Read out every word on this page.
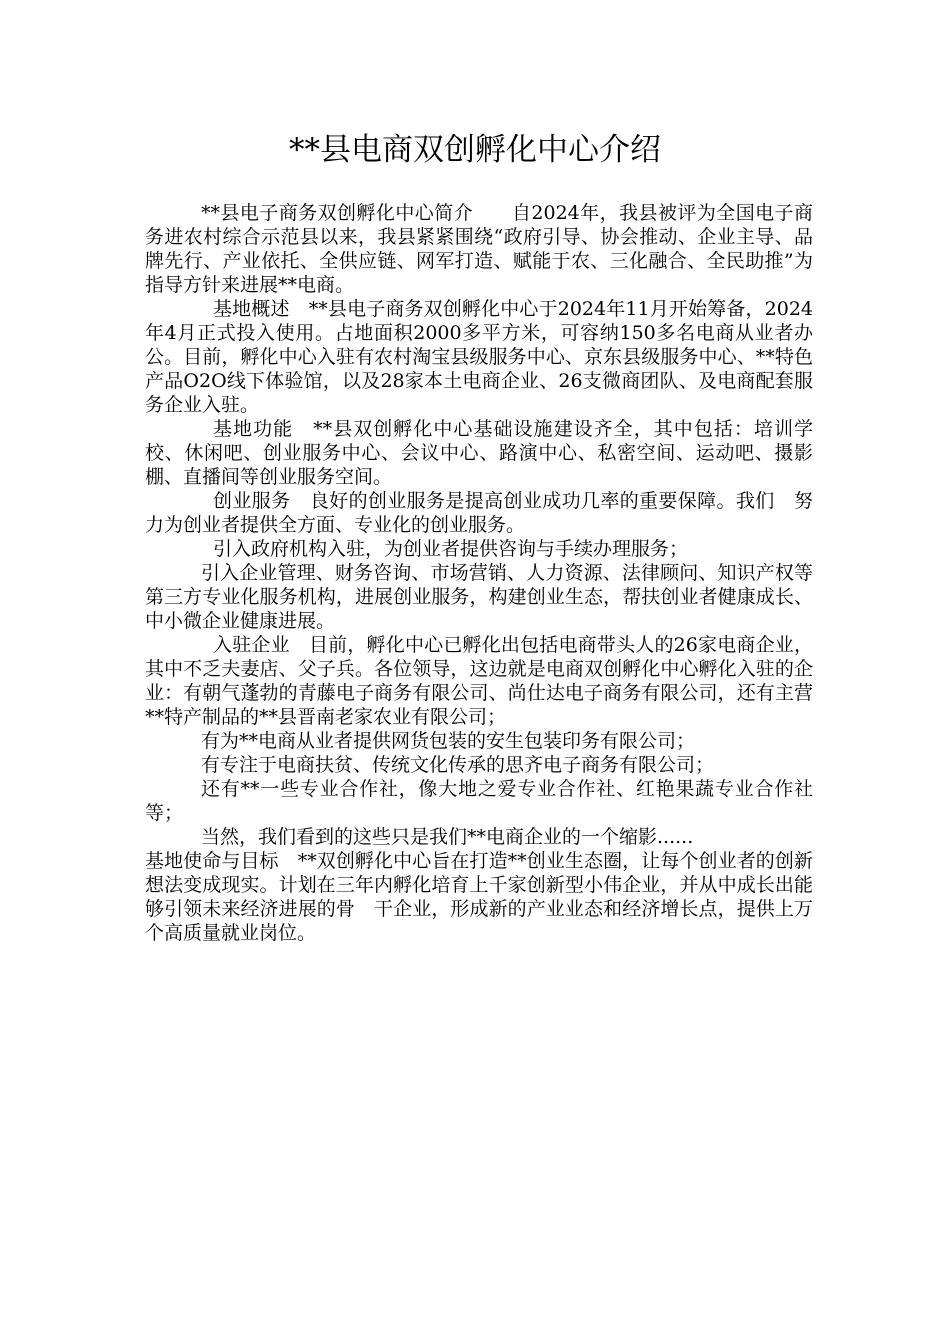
**县电商双创孵化中心介绍

**县电子商务双创孵化中心简介　　自2024年，我县被评为全国电子商务进农村综合示范县以来，我县紧紧围绕“政府引导、协会推动、企业主导、品牌先行、产业依托、全供应链、网军打造、赋能于农、三化融合、全民助推”为指导方针来进展**电商。

基地概述　**县电子商务双创孵化中心于2024年11月开始筹备，2024年4月正式投入使用。占地面积2000多平方米，可容纳150多名电商从业者办公。目前，孵化中心入驻有农村淘宝县级服务中心、京东县级服务中心、**特色产品O2O线下体验馆，以及28家本土电商企业、26支微商团队、及电商配套服务企业入驻。

基地功能　**县双创孵化中心基础设施建设齐全，其中包括：培训学校、休闲吧、创业服务中心、会议中心、路演中心、私密空间、运动吧、摄影棚、直播间等创业服务空间。

创业服务　良好的创业服务是提高创业成功几率的重要保障。我们　努力为创业者提供全方面、专业化的创业服务。

引入政府机构入驻，为创业者提供咨询与手续办理服务；

引入企业管理、财务咨询、市场营销、人力资源、法律顾问、知识产权等第三方专业化服务机构，进展创业服务，构建创业生态，帮扶创业者健康成长、中小微企业健康进展。

入驻企业　目前，孵化中心已孵化出包括电商带头人的26家电商企业，其中不乏夫妻店、父子兵。各位领导，这边就是电商双创孵化中心孵化入驻的企业：有朝气蓬勃的青藤电子商务有限公司、尚仕达电子商务有限公司，还有主营**特产制品的**县晋南老家农业有限公司；

有为**电商从业者提供网货包装的安生包装印务有限公司；

有专注于电商扶贫、传统文化传承的思齐电子商务有限公司；

还有**一些专业合作社，像大地之爱专业合作社、红艳果蔬专业合作社等；

当然，我们看到的这些只是我们**电商企业的一个缩影......

基地使命与目标　**双创孵化中心旨在打造**创业生态圈，让每个创业者的创新想法变成现实。计划在三年内孵化培育上千家创新型小伟企业，并从中成长出能够引领未来经济进展的骨　干企业，形成新的产业业态和经济增长点，提供上万个高质量就业岗位。
